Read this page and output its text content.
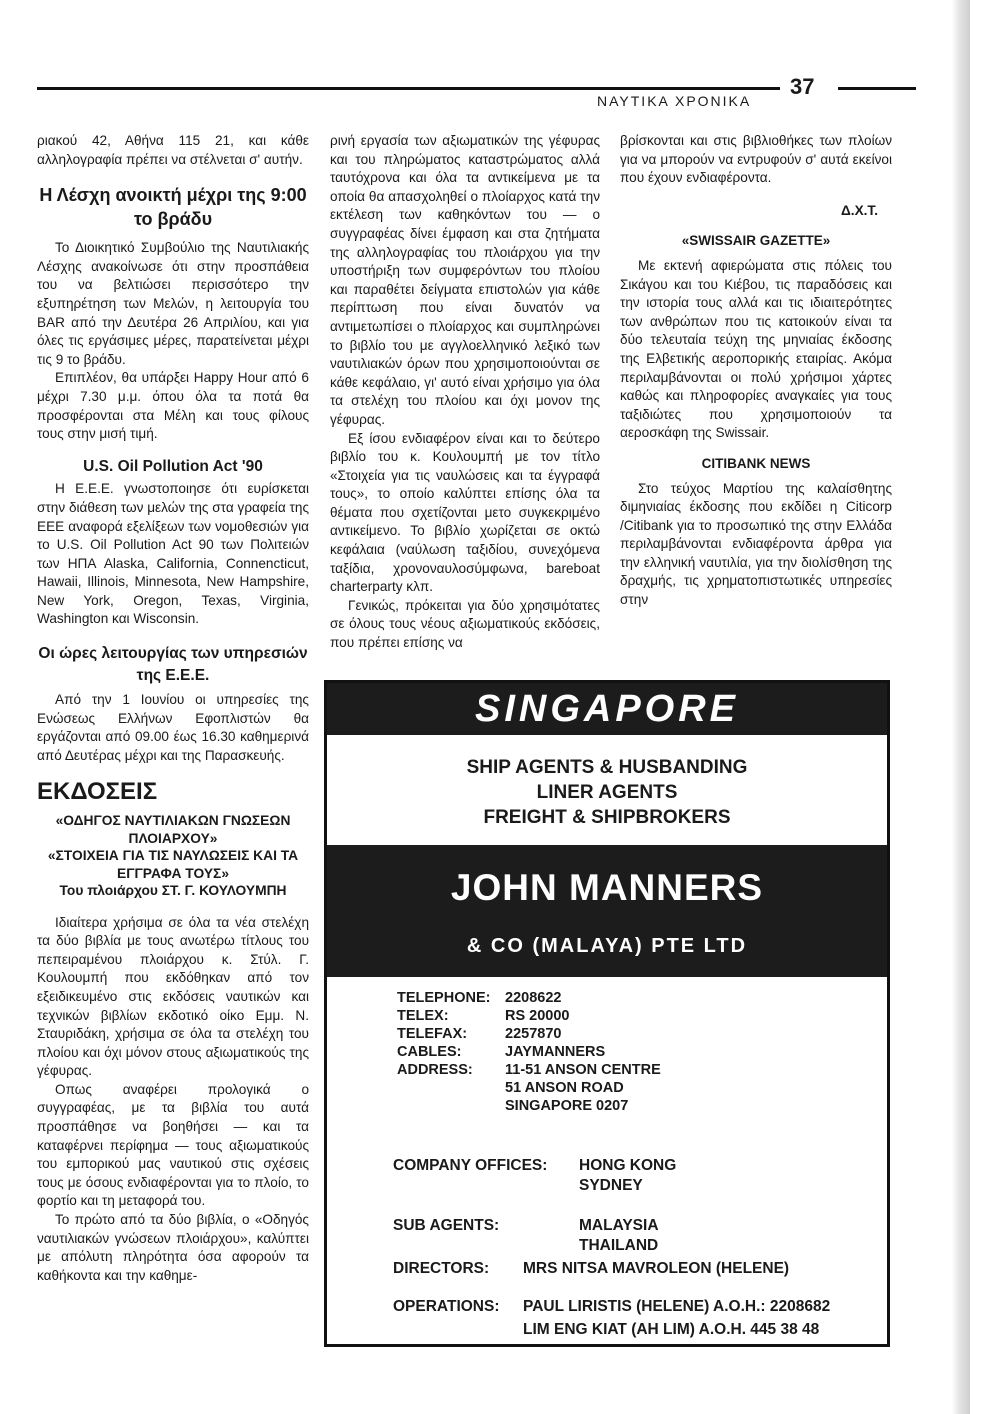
37
ΝΑΥΤΙΚΑ ΧΡΟΝΙΚΑ

ριακού 42, Αθήνα 115 21, και κάθε αλληλογραφία πρέπει να στέλνεται σ' αυτήν.

Η Λέσχη ανοικτή μέχρι της 9:00 το βράδυ

Το Διοικητικό Συμβούλιο της Ναυτιλιακής Λέσχης ανακοίνωσε ότι στην προσπάθεια του να βελτιώσει περισσότερο την εξυπηρέτηση των Μελών, η λειτουργία του BAR από την Δευτέρα 26 Απριλίου, και για όλες τις εργάσιμες μέρες, παρατείνεται μέχρι τις 9 το βράδυ.

Επιπλέον, θα υπάρξει Happy Hour από 6 μέχρι 7.30 μ.μ. όπου όλα τα ποτά θα προσφέρονται στα Μέλη και τους φίλους τους στην μισή τιμή.

U.S. Oil Pollution Act '90

Η Ε.Ε.Ε. γνωστοποιησε ότι ευρίσκεται στην διάθεση των μελών της στα γραφεία της ΕΕΕ αναφορά εξελίξεων των νομοθεσιών για το U.S. Oil Pollution Act 90 των Πολιτειών των ΗΠΑ Alaska, California, Connencticut, Hawaii, Illinois, Minnesota, New Hampshire, New York, Oregon, Texas, Virginia, Washington και Wisconsin.

Οι ώρες λειτουργίας των υπηρεσιών της Ε.Ε.Ε.

Από την 1 Ιουνίου οι υπηρεσίες της Ενώσεως Ελλήνων Εφοπλιστών θα εργάζονται από 09.00 έως 16.30 καθημερινά από Δευτέρας μέχρι και της Παρασκευής.

ΕΚΔΟΣΕΙΣ
«ΟΔΗΓΟΣ ΝΑΥΤΙΛΙΑΚΩΝ ΓΝΩΣΕΩΝ ΠΛΟΙΑΡΧΟΥ»
«ΣΤΟΙΧΕΙΑ ΓΙΑ ΤΙΣ ΝΑΥΛΩΣΕΙΣ ΚΑΙ ΤΑ ΕΓΓΡΑΦΑ ΤΟΥΣ»
Του πλοιάρχου ΣΤ. Γ. ΚΟΥΛΟΥΜΠΗ

Ιδιαίτερα χρήσιμα σε όλα τα νέα στελέχη τα δύο βιβλία με τους ανωτέρω τίτλους του πεπειραμένου πλοιάρχου κ. Στύλ. Γ. Κουλουμπή που εκδόθηκαν από τον εξειδικευμένο στις εκδόσεις ναυτικών και τεχνικών βιβλίων εκδοτικό οίκο Εμμ. Ν. Σταυριδάκη, χρήσιμα σε όλα τα στελέχη του πλοίου και όχι μόνον στους αξιωματικούς της γέφυρας.

Οπως αναφέρει προλογικά ο συγγραφέας, με τα βιβλία του αυτά προσπάθησε να βοηθήσει — και τα καταφέρνει περίφημα — τους αξιωματικούς του εμπορικού μας ναυτικού στις σχέσεις τους με όσους ενδιαφέρονται για το πλοίο, το φορτίο και τη μεταφορά του.

Το πρώτο από τα δύο βιβλία, ο «Οδηγός ναυτιλιακών γνώσεων πλοιάρχου», καλύπτει με απόλυτη πληρότητα όσα αφορούν τα καθήκοντα και την καθημε-

ρινή εργασία των αξιωματικών της γέφυρας και του πληρώματος καταστρώματος αλλά ταυτόχρονα και όλα τα αντικείμενα με τα οποία θα απασχοληθεί ο πλοίαρχος κατά την εκτέλεση των καθηκόντων του — ο συγγραφέας δίνει έμφαση και στα ζητήματα της αλληλογραφίας του πλοιάρχου για την υποστήριξη των συμφερόντων του πλοίου και παραθέτει δείγματα επιστολών για κάθε περίπτωση που είναι δυνατόν να αντιμετωπίσει ο πλοίαρχος και συμπληρώνει το βιβλίο του με αγγλοελληνικό λεξικό των ναυτιλιακών όρων που χρησιμοποιούνται σε κάθε κεφάλαιο, γι' αυτό είναι χρήσιμο για όλα τα στελέχη του πλοίου και όχι μονον της γέφυρας.

Εξ ίσου ενδιαφέρον είναι και το δεύτερο βιβλίο του κ. Κουλουμπή με τον τίτλο «Στοιχεία για τις ναυλώσεις και τα έγγραφά τους», το οποίο καλύπτει επίσης όλα τα θέματα που σχετίζονται μετο συγκεκριμένο αντικείμενο. Το βιβλίο χωρίζεται σε οκτώ κεφάλαια (ναύλωση ταξιδίου, συνεχόμενα ταξίδια, χρονοναυλοσύμφωνα, bareboat charterparty κλπ.

Γενικώς, πρόκειται για δύο χρησιμότατες σε όλους τους νέους αξιωματικούς εκδόσεις, που πρέπει επίσης να

βρίσκονται και στις βιβλιοθήκες των πλοίων για να μπορούν να εντρυφούν σ' αυτά εκείνοι που έχουν ενδιαφέροντα.

Δ.Χ.Τ.
«SWISSAIR GAZETTE»

Με εκτενή αφιερώματα στις πόλεις του Σικάγου και του Κιέβου, τις παραδόσεις και την ιστορία τους αλλά και τις ιδιαιτερότητες των ανθρώπων που τις κατοικούν είναι τα δύο τελευταία τεύχη της μηνιαίας έκδοσης της Ελβετικής αεροπορικής εταιρίας. Ακόμα περιλαμβάνονται οι πολύ χρήσιμοι χάρτες καθώς και πληροφορίες αναγκαίες για τους ταξιδιώτες που χρησιμοποιούν τα αεροσκάφη της Swissair.

CITIBANK NEWS

Στο τεύχος Μαρτίου της καλαίσθητης διμηνιαίας έκδοσης που εκδίδει η Citicorp /Citibank για το προσωπικό της στην Ελλάδα περιλαμβάνονται ενδιαφέροντα άρθρα για την ελληνική ναυτιλία, για την διολίσθηση της δραχμής, τις χρηματοπιστωτικές υπηρεσίες στην

SINGAPORE
SHIP AGENTS & HUSBANDING
LINER AGENTS
FREIGHT & SHIPBROKERS
JOHN MANNERS
& CO (MALAYA) PTE LTD
TELEPHONE:	2208622
TELEX:	RS 20000
TELEFAX:	2257870
CABLES:	JAYMANNERS
ADDRESS:	11-51 ANSON CENTRE
51 ANSON ROAD
SINGAPORE 0207
COMPANY OFFICES:	HONG KONG
SYDNEY
SUB AGENTS:	MALAYSIA
THAILAND
DIRECTORS:	MRS NITSA MAVROLEON (HELENE)
OPERATIONS:	PAUL LIRISTIS (HELENE) A.O.H.: 2208682
LIM ENG KIAT (AH LIM) A.O.H. 445 38 48
